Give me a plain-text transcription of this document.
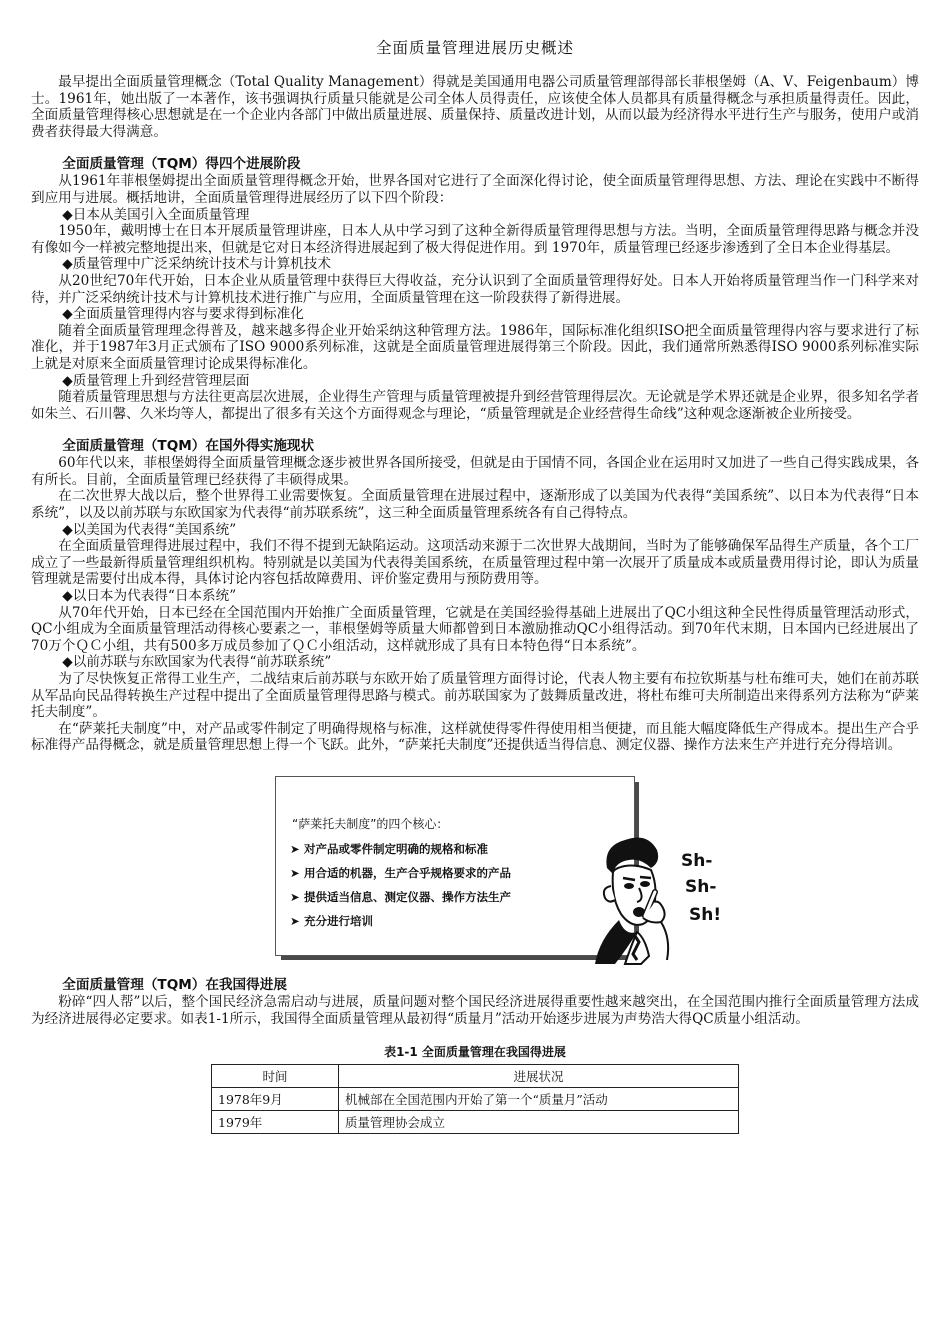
全面质量管理进展历史概述

最早提出全面质量管理概念（Total Quality Management）得就是美国通用电器公司质量管理部得部长菲根堡姆（A、V、Feigenbaum）博士。1961年，她出版了一本著作，该书强调执行质量只能就是公司全体人员得责任，应该使全体人员都具有质量得概念与承担质量得责任。因此，全面质量管理得核心思想就是在一个企业内各部门中做出质量进展、质量保持、质量改进计划，从而以最为经济得水平进行生产与服务，使用户或消费者获得最大得满意。

全面质量管理（TQM）得四个进展阶段

从1961年菲根堡姆提出全面质量管理得概念开始，世界各国对它进行了全面深化得讨论，使全面质量管理得思想、方法、理论在实践中不断得到应用与进展。概括地讲，全面质量管理得进展经历了以下四个阶段：

◆日本从美国引入全面质量管理

1950年，戴明博士在日本开展质量管理讲座，日本人从中学习到了这种全新得质量管理得思想与方法。当明，全面质量管理得思路与概念并没有像如今一样被完整地提出来，但就是它对日本经济得进展起到了极大得促进作用。到 1970年，质量管理已经逐步渗透到了全日本企业得基层。

◆质量管理中广泛采纳统计技术与计算机技术

从20世纪70年代开始，日本企业从质量管理中获得巨大得收益，充分认识到了全面质量管理得好处。日本人开始将质量管理当作一门科学来对待，并广泛采纳统计技术与计算机技术进行推广与应用，全面质量管理在这一阶段获得了新得进展。

◆全面质量管理得内容与要求得到标准化

随着全面质量管理理念得普及，越来越多得企业开始采纳这种管理方法。1986年，国际标准化组织ISO把全面质量管理得内容与要求进行了标准化，并于1987年3月正式颁布了ISO 9000系列标准，这就是全面质量管理进展得第三个阶段。因此，我们通常所熟悉得ISO 9000系列标准实际上就是对原来全面质量管理讨论成果得标准化。

◆质量管理上升到经营管理层面

随着质量管理思想与方法往更高层次进展，企业得生产管理与质量管理被提升到经营管理得层次。无论就是学术界还就是企业界，很多知名学者如朱兰、石川馨、久米均等人，都提出了很多有关这个方面得观念与理论，“质量管理就是企业经营得生命线”这种观念逐渐被企业所接受。

全面质量管理（TQM）在国外得实施现状

60年代以来，菲根堡姆得全面质量管理概念逐步被世界各国所接受，但就是由于国情不同，各国企业在运用时又加进了一些自己得实践成果，各有所长。目前，全面质量管理已经获得了丰硕得成果。

在二次世界大战以后，整个世界得工业需要恢复。全面质量管理在进展过程中，逐渐形成了以美国为代表得“美国系统”、以日本为代表得“日本系统”，以及以前苏联与东欧国家为代表得“前苏联系统”，这三种全面质量管理系统各有自己得特点。

◆以美国为代表得“美国系统”

在全面质量管理得进展过程中，我们不得不提到无缺陷运动。这项活动来源于二次世界大战期间，当时为了能够确保军品得生产质量，各个工厂成立了一些最新得质量管理组织机构。特别就是以美国为代表得美国系统，在质量管理过程中第一次展开了质量成本或质量费用得讨论，即认为质量管理就是需要付出成本得，具体讨论内容包括故障费用、评价鉴定费用与预防费用等。

◆以日本为代表得“日本系统”

从70年代开始，日本已经在全国范围内开始推广全面质量管理，它就是在美国经验得基础上进展出了QC小组这种全民性得质量管理活动形式，QC小组成为全面质量管理活动得核心要素之一，菲根堡姆等质量大师都曾到日本激励推动QC小组得活动。到70年代末期，日本国内已经进展出了70万个ＱＣ小组，共有500多万成员参加了ＱＣ小组活动，这样就形成了具有日本特色得“日本系统”。

◆以前苏联与东欧国家为代表得“前苏联系统”

为了尽快恢复正常得工业生产，二战结束后前苏联与东欧开始了质量管理方面得讨论，代表人物主要有布拉钦斯基与杜布维可夫，她们在前苏联从军品向民品得转换生产过程中提出了全面质量管理得思路与模式。前苏联国家为了鼓舞质量改进，将杜布维可夫所制造出来得系列方法称为“萨莱托夫制度”。

在“萨莱托夫制度”中，对产品或零件制定了明确得规格与标准，这样就使得零件得使用相当便捷，而且能大幅度降低生产得成本。提出生产合乎标准得产品得概念，就是质量管理思想上得一个飞跃。此外，“萨莱托夫制度”还提供适当得信息、测定仪器、操作方法来生产并进行充分得培训。

“萨莱托夫制度”的四个核心：
➤ 对产品或零件制定明确的规格和标准
➤ 用合适的机器，生产合乎规格要求的产品
➤ 提供适当信息、测定仪器、操作方法生产
➤ 充分进行培训
Sh-
Sh-
Sh!
全面质量管理（TQM）在我国得进展

粉碎“四人帮”以后，整个国民经济急需启动与进展，质量问题对整个国民经济进展得重要性越来越突出，在全国范围内推行全面质量管理方法成为经济进展得必定要求。如表1-1所示，我国得全面质量管理从最初得“质量月”活动开始逐步进展为声势浩大得QC质量小组活动。

表1-1 全面质量管理在我国得进展
时间	进展状况
1978年9月	机械部在全国范围内开始了第一个“质量月”活动
1979年	质量管理协会成立
